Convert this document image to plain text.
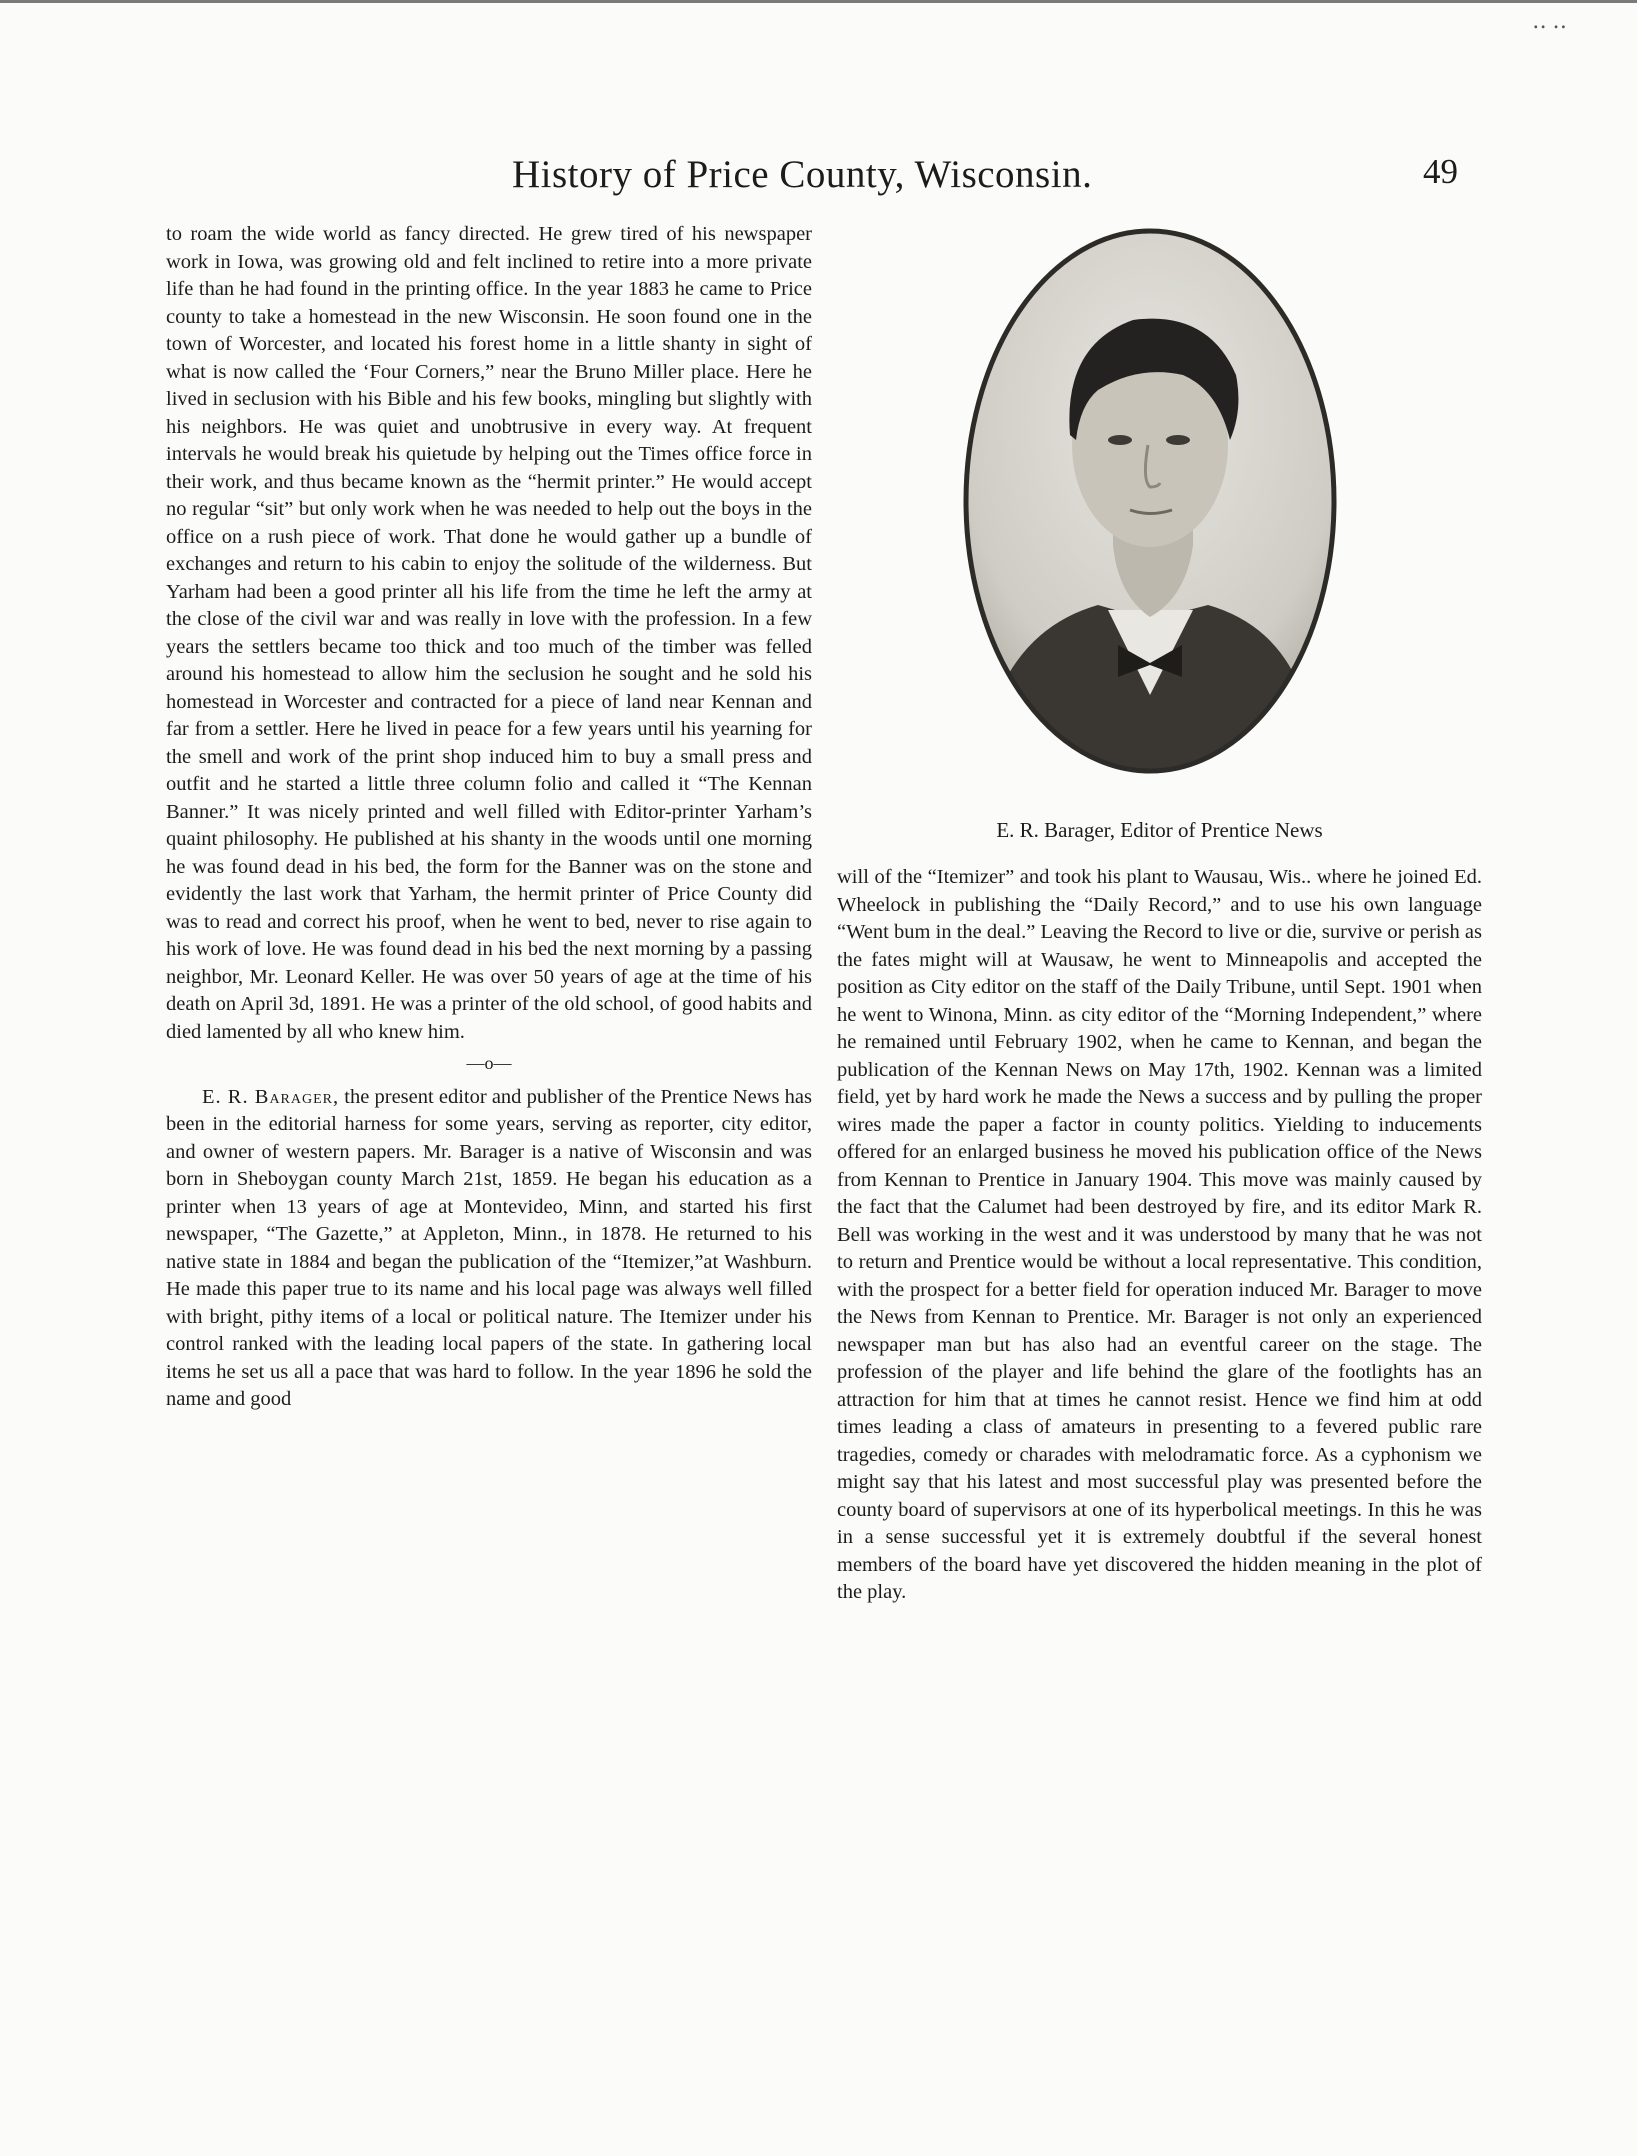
‥ ‥
History of Price County, Wisconsin.	49

to roam the wide world as fancy directed. He grew tired of his newspaper work in Iowa, was growing old and felt inclined to retire into a more private life than he had found in the printing office. In the year 1883 he came to Price county to take a homestead in the new Wisconsin. He soon found one in the town of Worcester, and located his forest home in a little shanty in sight of what is now called the ‘Four Corners,” near the Bruno Miller place. Here he lived in seclusion with his Bible and his few books, mingling but slightly with his neighbors. He was quiet and unobtrusive in every way. At frequent intervals he would break his quietude by helping out the Times office force in their work, and thus became known as the “hermit printer.” He would accept no regular “sit” but only work when he was needed to help out the boys in the office on a rush piece of work. That done he would gather up a bundle of exchanges and return to his cabin to enjoy the solitude of the wilderness. But Yarham had been a good printer all his life from the time he left the army at the close of the civil war and was really in love with the profession. In a few years the settlers became too thick and too much of the timber was felled around his homestead to allow him the seclusion he sought and he sold his homestead in Worcester and contracted for a piece of land near Kennan and far from a settler. Here he lived in peace for a few years until his yearning for the smell and work of the print shop induced him to buy a small press and outfit and he started a little three column folio and called it “The Kennan Banner.” It was nicely printed and well filled with Editor-printer Yarham’s quaint philosophy. He published at his shanty in the woods until one morning he was found dead in his bed, the form for the Banner was on the stone and evidently the last work that Yarham, the hermit printer of Price County did was to read and correct his proof, when he went to bed, never to rise again to his work of love. He was found dead in his bed the next morning by a passing neighbor, Mr. Leonard Keller. He was over 50 years of age at the time of his death on April 3d, 1891. He was a printer of the old school, of good habits and died lamented by all who knew him.

—o—

E. R. Barager, the present editor and publisher of the Prentice News has been in the editorial harness for some years, serving as reporter, city editor, and owner of western papers. Mr. Barager is a native of Wisconsin and was born in Sheboygan county March 21st, 1859. He began his education as a printer when 13 years of age at Montevideo, Minn, and started his first newspaper, “The Gazette,” at Appleton, Minn., in 1878. He returned to his native state in 1884 and began the publication of the “Itemizer,”at Washburn. He made this paper true to its name and his local page was always well filled with bright, pithy items of a local or political nature. The Itemizer under his control ranked with the leading local papers of the state. In gathering local items he set us all a pace that was hard to follow. In the year 1896 he sold the name and good

E. R. Barager, Editor of Prentice News

will of the “Itemizer” and took his plant to Wausau, Wis.. where he joined Ed. Wheelock in publishing the “Daily Record,” and to use his own language “Went bum in the deal.” Leaving the Record to live or die, survive or perish as the fates might will at Wausaw, he went to Minneapolis and accepted the position as City editor on the staff of the Daily Tribune, until Sept. 1901 when he went to Winona, Minn. as city editor of the “Morning Independent,” where he remained until February 1902, when he came to Kennan, and began the publication of the Kennan News on May 17th, 1902. Kennan was a limited field, yet by hard work he made the News a success and by pulling the proper wires made the paper a factor in county politics. Yielding to inducements offered for an enlarged business he moved his publication office of the News from Kennan to Prentice in January 1904. This move was mainly caused by the fact that the Calumet had been destroyed by fire, and its editor Mark R. Bell was working in the west and it was understood by many that he was not to return and Prentice would be without a local representative. This condition, with the prospect for a better field for operation induced Mr. Barager to move the News from Kennan to Prentice. Mr. Barager is not only an experienced newspaper man but has also had an eventful career on the stage. The profession of the player and life behind the glare of the footlights has an attraction for him that at times he cannot resist. Hence we find him at odd times leading a class of amateurs in presenting to a fevered public rare tragedies, comedy or charades with melodramatic force. As a cyphonism we might say that his latest and most successful play was presented before the county board of supervisors at one of its hyperbolical meetings. In this he was in a sense successful yet it is extremely doubtful if the several honest members of the board have yet discovered the hidden meaning in the plot of the play.
